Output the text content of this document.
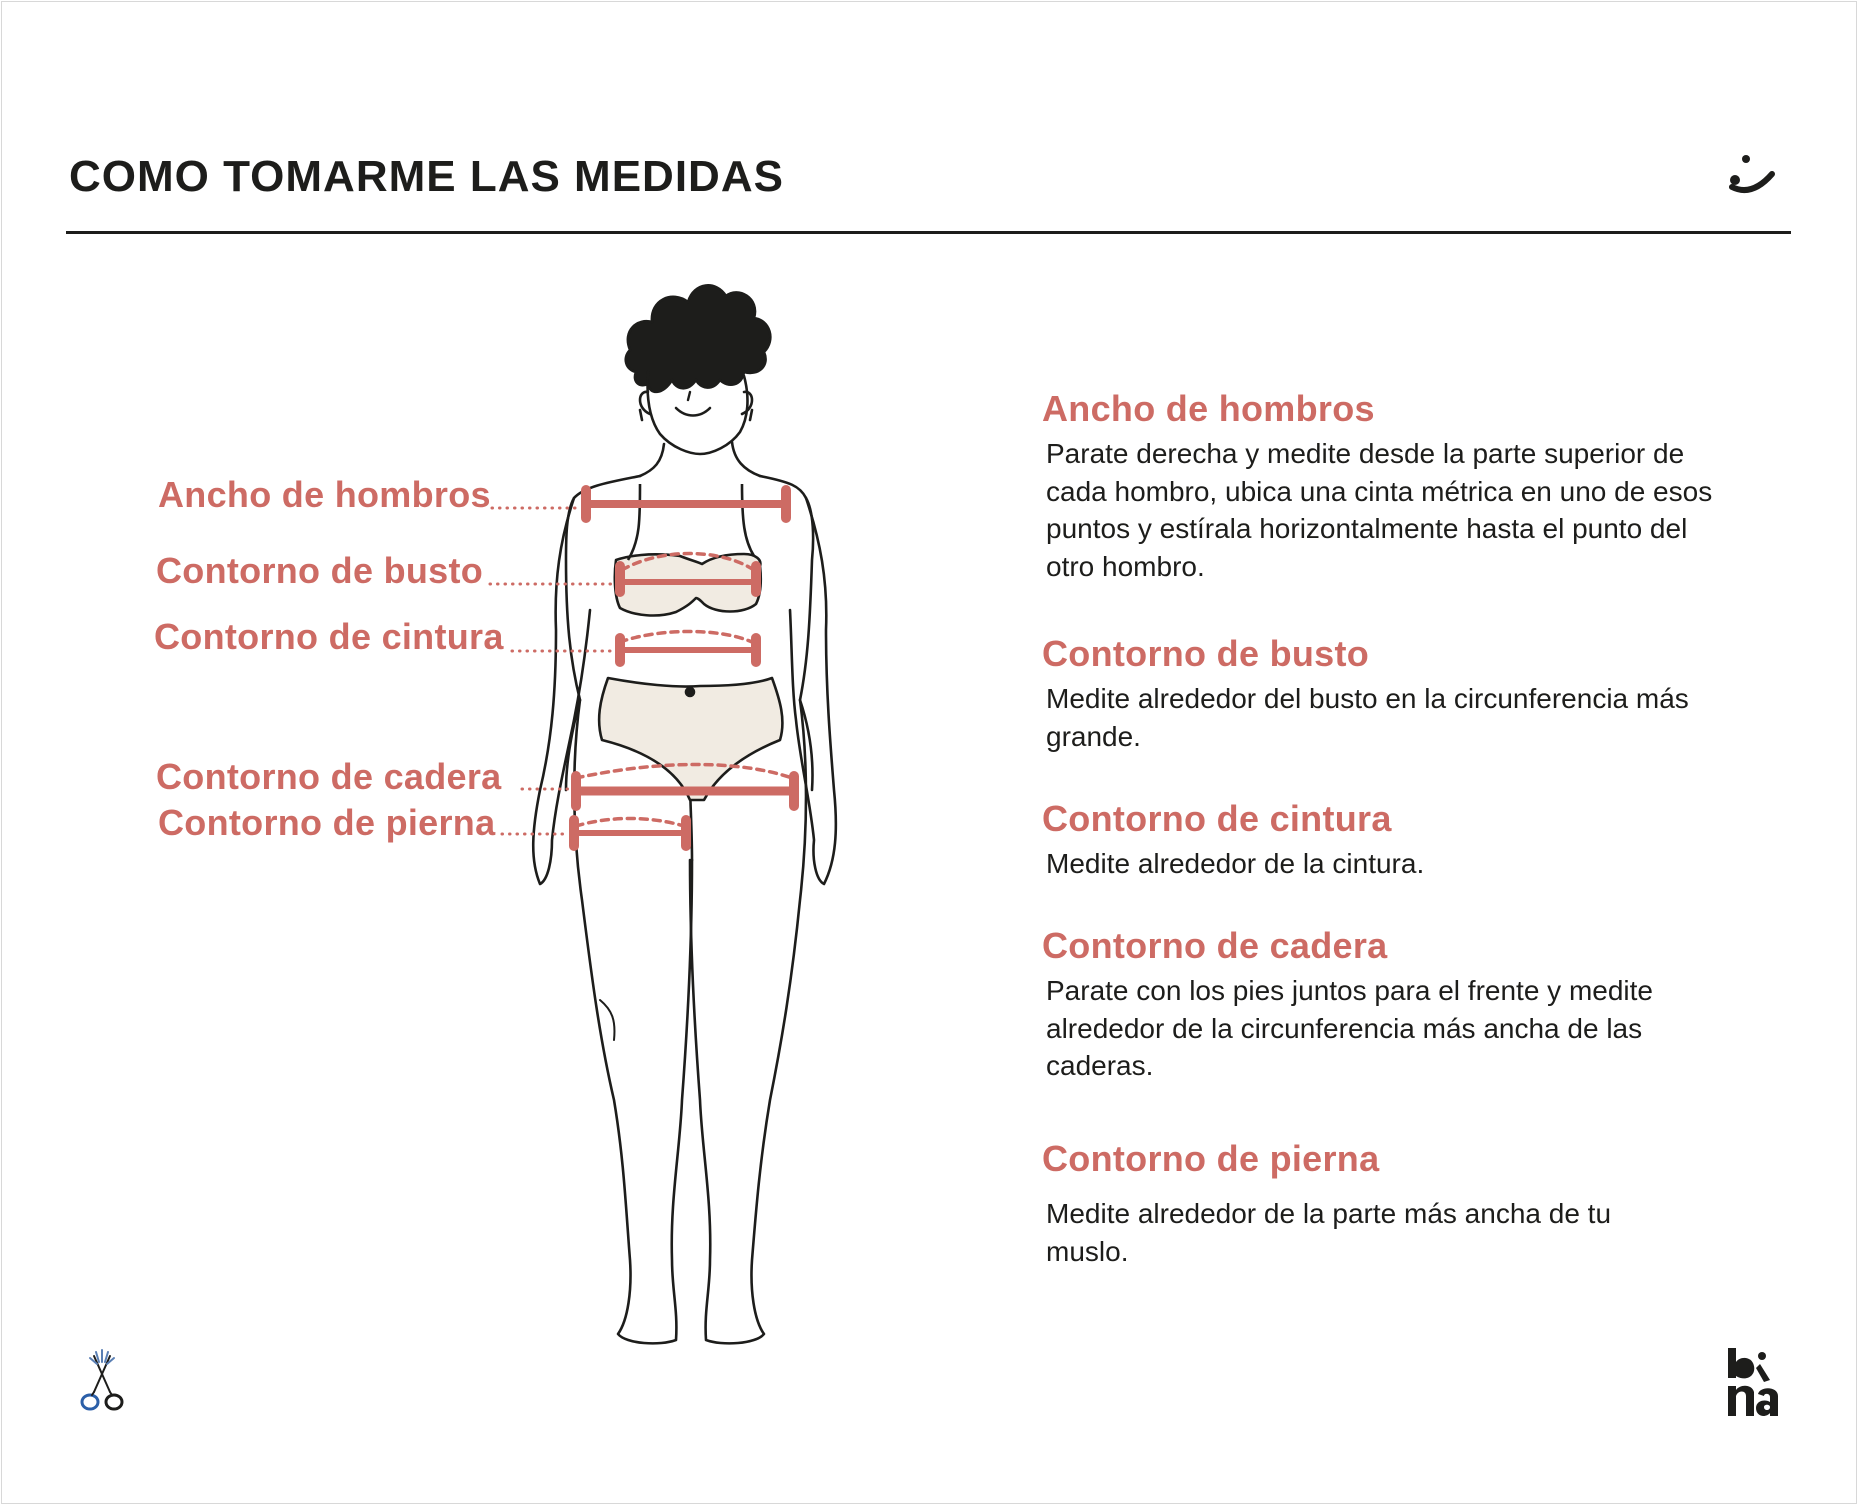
COMO TOMARME LAS MEDIDAS
Ancho de hombros
Contorno de busto
Contorno de cintura
Contorno de cadera
Contorno de pierna
Ancho de hombros
Parate derecha y medite desde la parte superior de cada hombro, ubica una cinta métrica en uno de esos puntos y estírala horizontalmente hasta el punto del otro hombro.
Contorno de busto
Medite alrededor del busto en la circunferencia más grande.
Contorno de cintura
Medite alrededor de la cintura.
Contorno de cadera
Parate con los pies juntos para el frente y medite alrededor de la circunferencia más ancha de las caderas.
Contorno de pierna
Medite alrededor de la parte más ancha de tu muslo.
